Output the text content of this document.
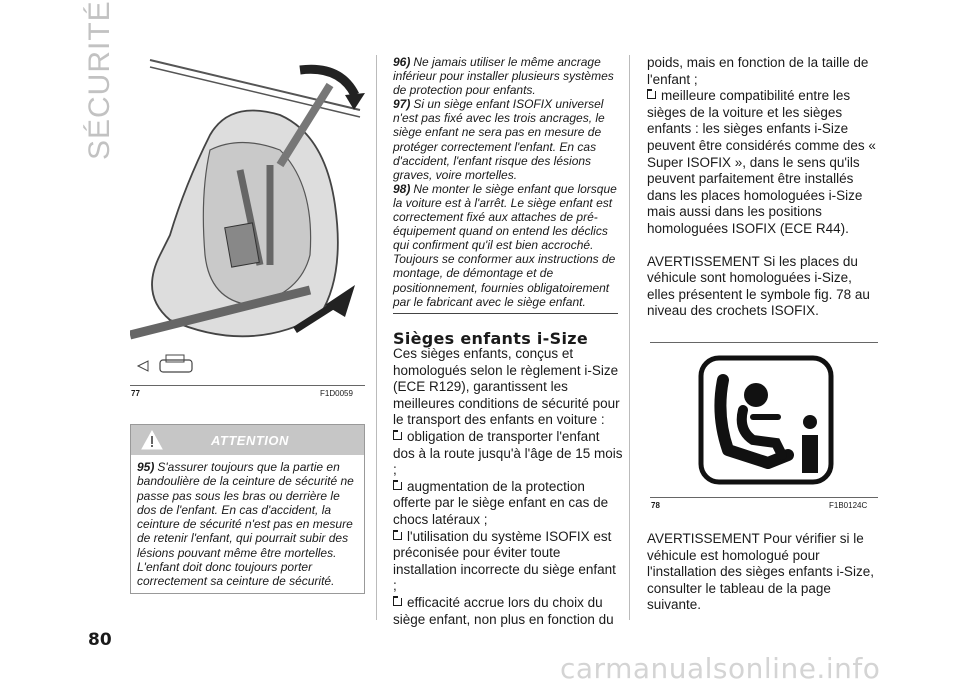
SÉCURITÉ
77	F1D0059
ATTENTION
95) S'assurer toujours que la partie en bandoulière de la ceinture de sécurité ne passe pas sous les bras ou derrière le dos de l'enfant. En cas d'accident, la ceinture de sécurité n'est pas en mesure de retenir l'enfant, qui pourrait subir des lésions pouvant même être mortelles. L'enfant doit donc toujours porter correctement sa ceinture de sécurité.
80
96) Ne jamais utiliser le même ancrage inférieur pour installer plusieurs systèmes de protection pour enfants.
97) Si un siège enfant ISOFIX universel n'est pas fixé avec les trois ancrages, le siège enfant ne sera pas en mesure de protéger correctement l'enfant. En cas d'accident, l'enfant risque des lésions graves, voire mortelles.
98) Ne monter le siège enfant que lorsque la voiture est à l'arrêt. Le siège enfant est correctement fixé aux attaches de pré-équipement quand on entend les déclics qui confirment qu'il est bien accroché. Toujours se conformer aux instructions de montage, de démontage et de positionnement, fournies obligatoirement par le fabricant avec le siège enfant.
Sièges enfants i-Size
Ces sièges enfants, conçus et homologués selon le règlement i-Size (ECE R129), garantissent les meilleures conditions de sécurité pour le transport des enfants en voiture :
obligation de transporter l'enfant dos à la route jusqu'à l'âge de 15 mois ;
augmentation de la protection offerte par le siège enfant en cas de chocs latéraux ;
l'utilisation du système ISOFIX est préconisée pour éviter toute installation incorrecte du siège enfant ;
efficacité accrue lors du choix du siège enfant, non plus en fonction du
poids, mais en fonction de la taille de l'enfant ;
meilleure compatibilité entre les sièges de la voiture et les sièges enfants : les sièges enfants i-Size peuvent être considérés comme des « Super ISOFIX », dans le sens qu'ils peuvent parfaitement être installés dans les places homologuées i-Size mais aussi dans les positions homologuées ISOFIX (ECE R44).
AVERTISSEMENT Si les places du véhicule sont homologuées i-Size, elles présentent le symbole fig. 78 au niveau des crochets ISOFIX.
78	F1B0124C
AVERTISSEMENT Pour vérifier si le véhicule est homologué pour l'installation des sièges enfants i-Size, consulter le tableau de la page suivante.
carmanualsonline.info
